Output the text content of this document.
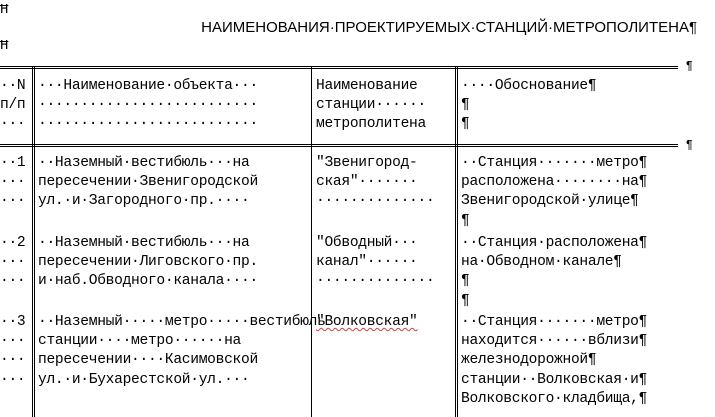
Ħ
Ħ
НАИМЕНОВАНИЯ·ПРОЕКТИРУЕМЫХ·СТАНЦИЙ·МЕТРОПОЛИТЕНА¶
¶
¶
··N
п/п
···
···Наименование·объекта···
··························
··························
Наименование
станции······
метрополитена
····Обоснование¶
¶
¶
··1
···
···
··Наземный·вестибюль···на
пересечении·Звенигородской
ул.·и·Загородного·пр.····
"Звенигород-
ская"·······
··············
··Станция·······метро¶
расположена········на¶
Звенигородской·улице¶
¶
··2
···
···
··Наземный·вестибюль···на
пересечении·Лиговского·пр.
и·наб.Обводного·канала····
"Обводный···
канал"······
··············
··Станция·расположена¶
на·Обводном·канале¶
¶
¶
··3
···
···
···
··Наземный·····метро·····вестибюль
станции····метро······на
пересечении····Касимовской
ул.·и·Бухарестской·ул.···
"Волковская"	··Станция·······метро¶
находится······вблизи¶
железнодорожной¶
станции··Волковская·и¶
Волковского·кладбища,¶
